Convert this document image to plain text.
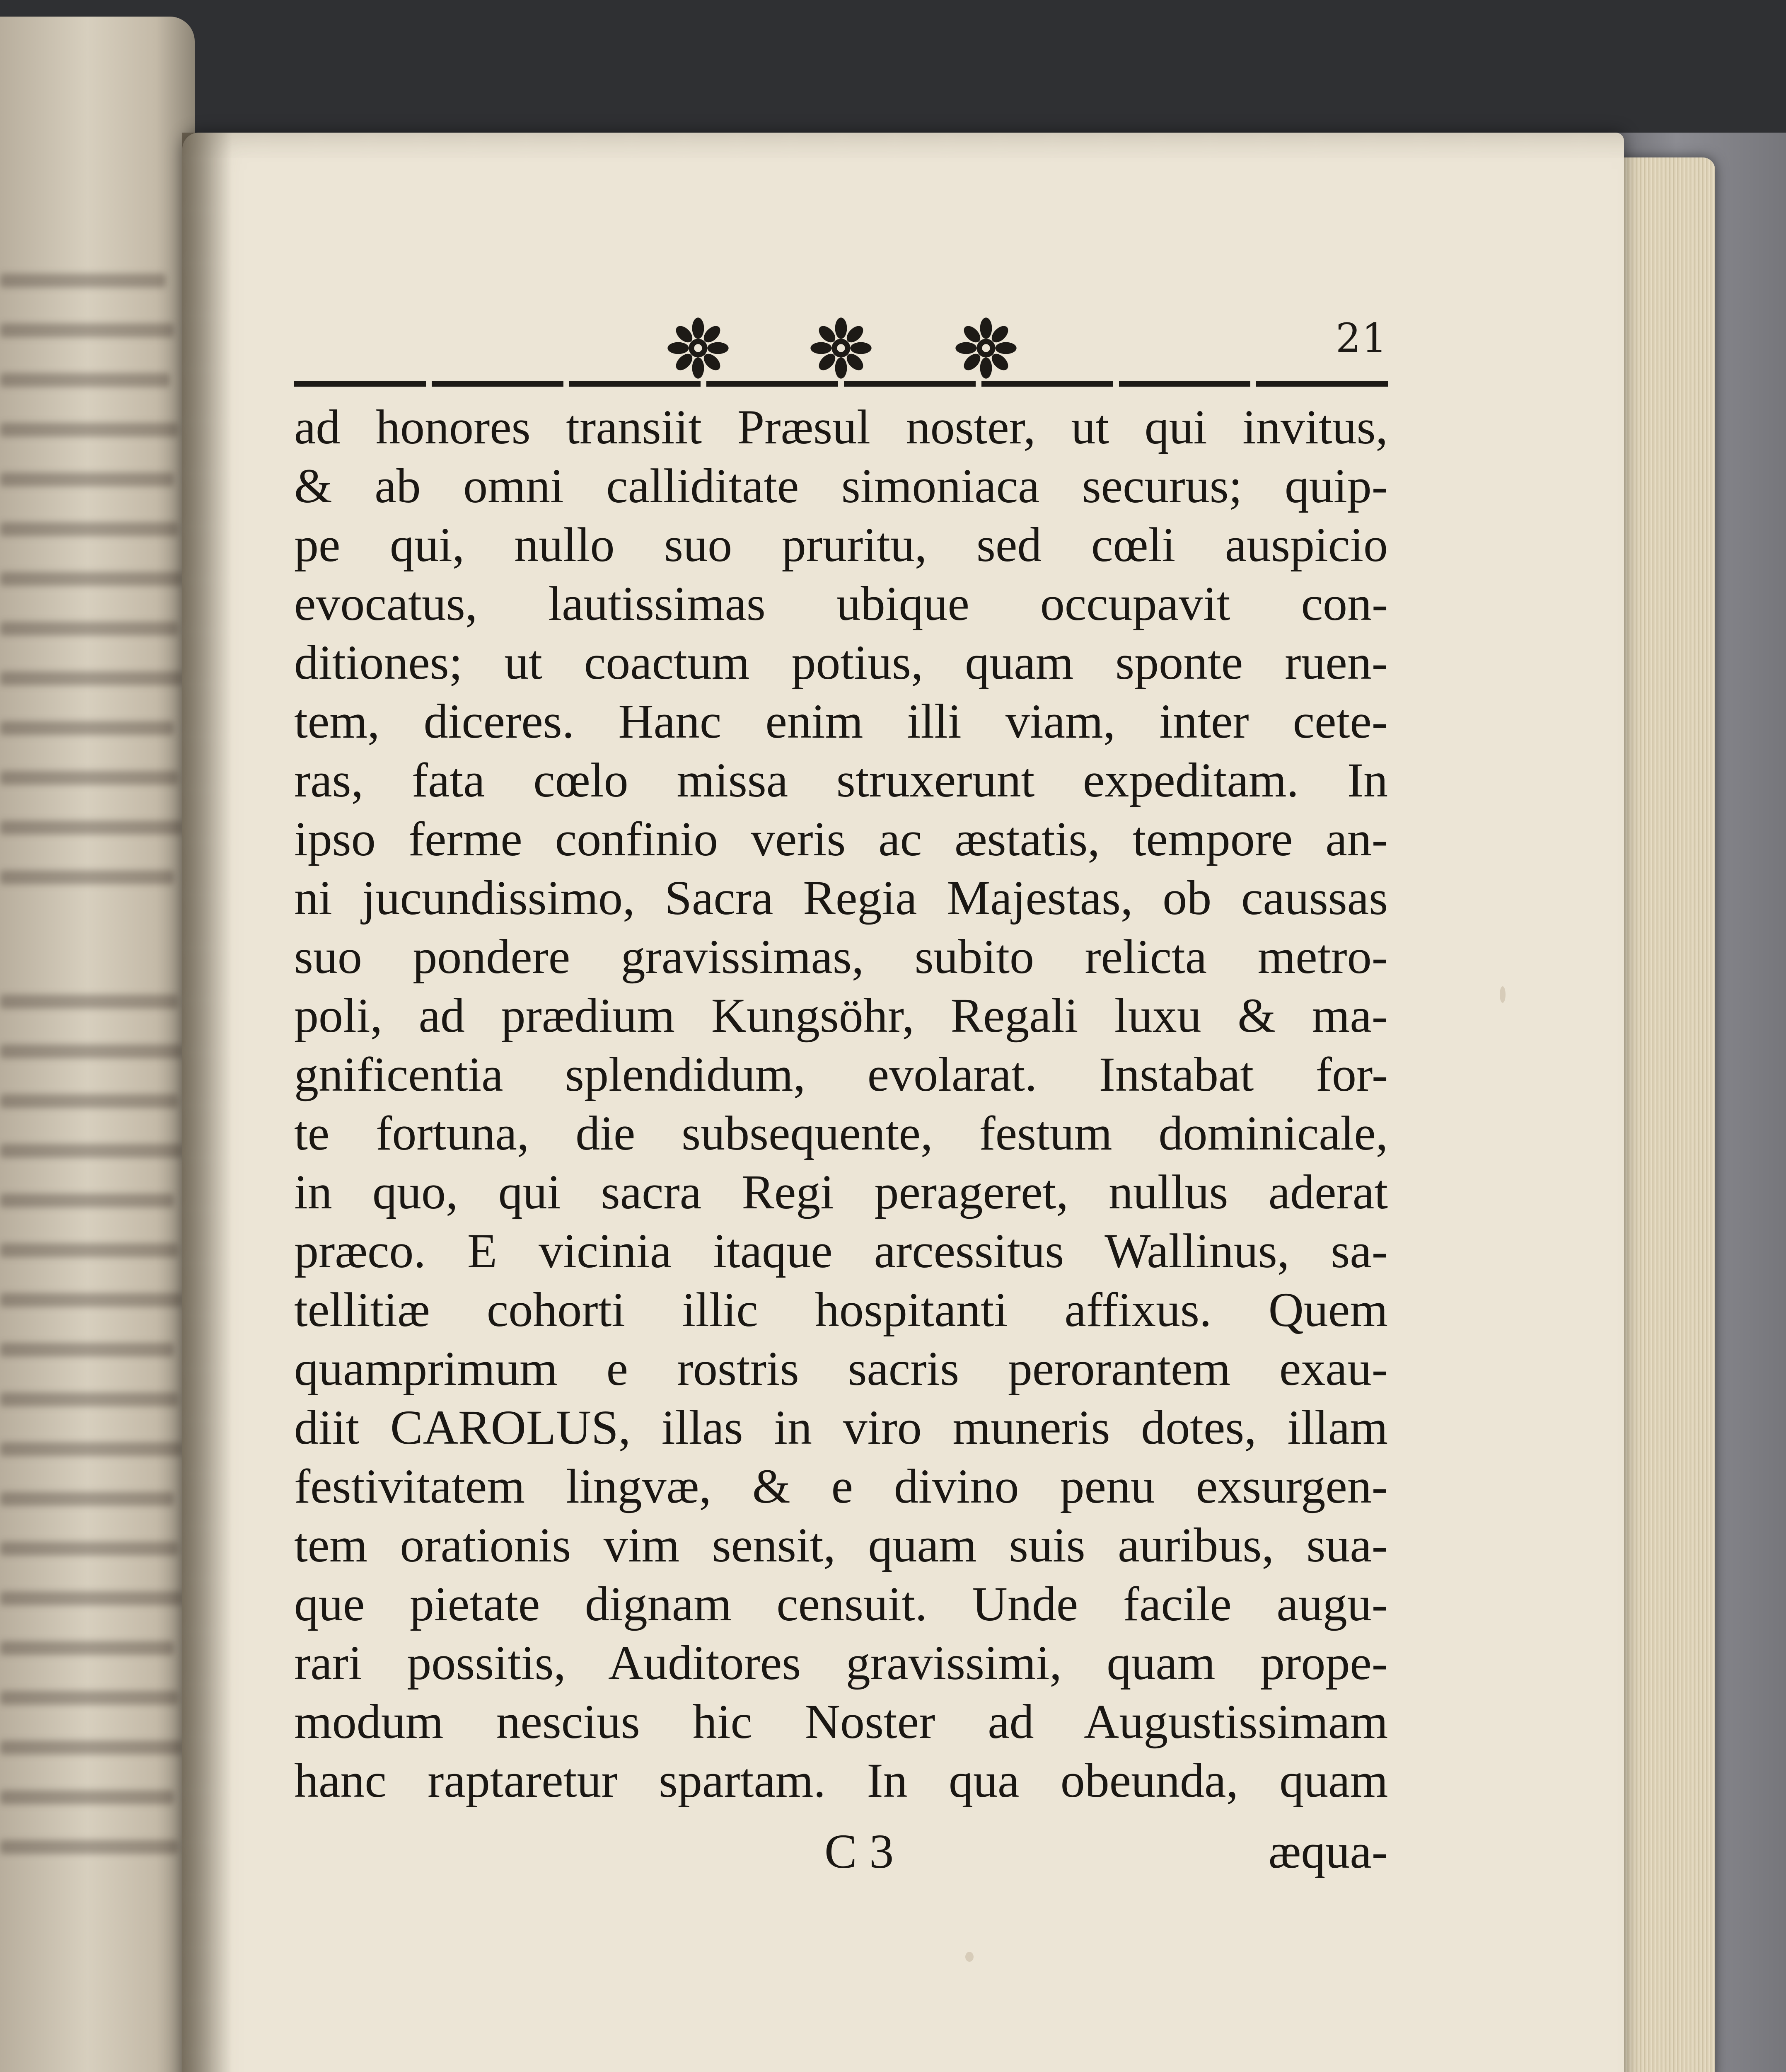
21
ad honores transiit Præsul noster, ut qui invitus,
& ab omni calliditate simoniaca securus; quip-
pe qui, nullo suo pruritu, sed cœli auspicio
evocatus, lautissimas ubique occupavit con-
ditiones; ut coactum potius, quam sponte ruen-
tem, diceres. Hanc enim illi viam, inter cete-
ras, fata cœlo missa struxerunt expeditam. In
ipso ferme confinio veris ac æstatis, tempore an-
ni jucundissimo, Sacra Regia Majestas, ob caussas
suo pondere gravissimas, subito relicta metro-
poli, ad prædium Kungsöhr, Regali luxu & ma-
gnificentia splendidum, evolarat. Instabat for-
te fortuna, die subsequente, festum dominicale,
in quo, qui sacra Regi perageret, nullus aderat
præco. E vicinia itaque arcessitus Wallinus, sa-
tellitiæ cohorti illic hospitanti affixus. Quem
quamprimum e rostris sacris perorantem exau-
diit CAROLUS, illas in viro muneris dotes, illam
festivitatem lingvæ, & e divino penu exsurgen-
tem orationis vim sensit, quam suis auribus, sua-
que pietate dignam censuit. Unde facile augu-
rari possitis, Auditores gravissimi, quam prope-
modum nescius hic Noster ad Augustissimam
hanc raptaretur spartam. In qua obeunda, quam
C 3	æqua-
